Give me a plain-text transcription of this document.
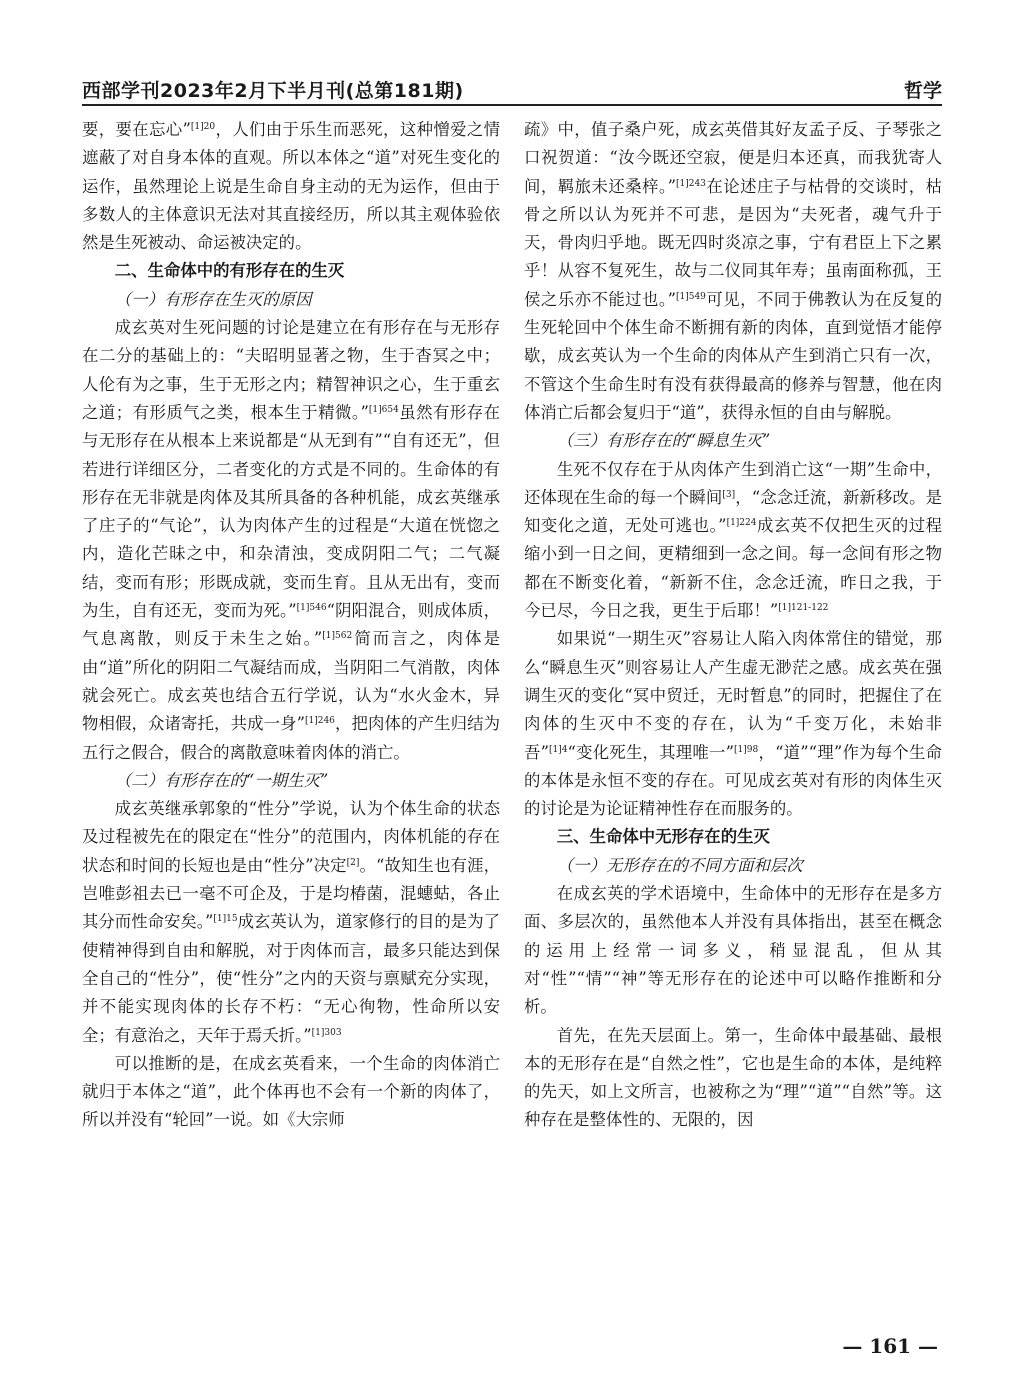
西部学刊2023年2月下半月刊(总第181期)	哲学

要，要在忘心”$^{[1]20}$，人们由于乐生而恶死，这种憎爱之情遮蔽了对自身本体的直观。所以本体之“道”对死生变化的运作，虽然理论上说是生命自身主动的无为运作，但由于多数人的主体意识无法对其直接经历，所以其主观体验依然是生死被动、命运被决定的。

二、生命体中的有形存在的生灭
（一）有形存在生灭的原因

成玄英对生死问题的讨论是建立在有形存在与无形存在二分的基础上的：“夫昭明显著之物，生于杳冥之中；人伦有为之事，生于无形之内；精智神识之心，生于重玄之道；有形质气之类，根本生于精微。”$^{[1]654}$虽然有形存在与无形存在从根本上来说都是“从无到有”“自有还无”，但若进行详细区分，二者变化的方式是不同的。生命体的有形存在无非就是肉体及其所具备的各种机能，成玄英继承了庄子的“气论”，认为肉体产生的过程是“大道在恍惚之内，造化芒昧之中，和杂清浊，变成阴阳二气；二气凝结，变而有形；形既成就，变而生育。且从无出有，变而为生，自有还无，变而为死。”$^{[1]546}$“阴阳混合，则成体质，气息离散，则反于未生之始。”$^{[1]562}$简而言之，肉体是由“道”所化的阴阳二气凝结而成，当阴阳二气消散，肉体就会死亡。成玄英也结合五行学说，认为“水火金木，异物相假，众诸寄托，共成一身”$^{[1]246}$，把肉体的产生归结为五行之假合，假合的离散意味着肉体的消亡。

（二）有形存在的“一期生灭”

成玄英继承郭象的“性分”学说，认为个体生命的状态及过程被先在的限定在“性分”的范围内，肉体机能的存在状态和时间的长短也是由“性分”决定[2]。“故知生也有涯，岂唯彭祖去已一毫不可企及，于是均椿菌，混蟪蛄，各止其分而性命安矣。”$^{[1]15}$成玄英认为，道家修行的目的是为了使精神得到自由和解脱，对于肉体而言，最多只能达到保全自己的“性分”，使“性分”之内的天资与禀赋充分实现，并不能实现肉体的长存不朽：“无心徇物，性命所以安全；有意治之，天年于焉夭折。”$^{[1]303}$

可以推断的是，在成玄英看来，一个生命的肉体消亡就归于本体之“道”，此个体再也不会有一个新的肉体了，所以并没有“轮回”一说。如《大宗师

疏》中，值子桑户死，成玄英借其好友孟子反、子琴张之口祝贺道：“汝今既还空寂，便是归本还真，而我犹寄人间，羁旅未还桑梓。”$^{[1]243}$在论述庄子与枯骨的交谈时，枯骨之所以认为死并不可悲，是因为“夫死者，魂气升于天，骨肉归乎地。既无四时炎凉之事，宁有君臣上下之累乎！从容不复死生，故与二仪同其年寿；虽南面称孤，王侯之乐亦不能过也。”$^{[1]549}$可见，不同于佛教认为在反复的生死轮回中个体生命不断拥有新的肉体，直到觉悟才能停歇，成玄英认为一个生命的肉体从产生到消亡只有一次，不管这个生命生时有没有获得最高的修养与智慧，他在肉体消亡后都会复归于“道”，获得永恒的自由与解脱。

（三）有形存在的“瞬息生灭”

生死不仅存在于从肉体产生到消亡这“一期”生命中，还体现在生命的每一个瞬间[3]，“念念迁流，新新移改。是知变化之道，无处可逃也。”$^{[1]224}$成玄英不仅把生灭的过程缩小到一日之间，更精细到一念之间。每一念间有形之物都在不断变化着，“新新不住，念念迁流，昨日之我，于今已尽，今日之我，更生于后耶！”$^{[1]121-122}$

如果说“一期生灭”容易让人陷入肉体常住的错觉，那么“瞬息生灭”则容易让人产生虚无渺茫之感。成玄英在强调生灭的变化“冥中贸迁，无时暂息”的同时，把握住了在肉体的生灭中不变的存在，认为“千变万化，未始非吾”$^{[1]4}$“变化死生，其理唯一”$^{[1]98}$，“道”“理”作为每个生命的本体是永恒不变的存在。可见成玄英对有形的肉体生灭的讨论是为论证精神性存在而服务的。

三、生命体中无形存在的生灭
（一）无形存在的不同方面和层次

在成玄英的学术语境中，生命体中的无形存在是多方面、多层次的，虽然他本人并没有具体指出，甚至在概念的运用上经常一词多义，稍显混乱，但从其对“性”“情”“神”等无形存在的论述中可以略作推断和分析。

首先，在先天层面上。第一，生命体中最基础、最根本的无形存在是“自然之性”，它也是生命的本体，是纯粹的先天，如上文所言，也被称之为“理”“道”“自然”等。这种存在是整体性的、无限的，因

— 161 —
